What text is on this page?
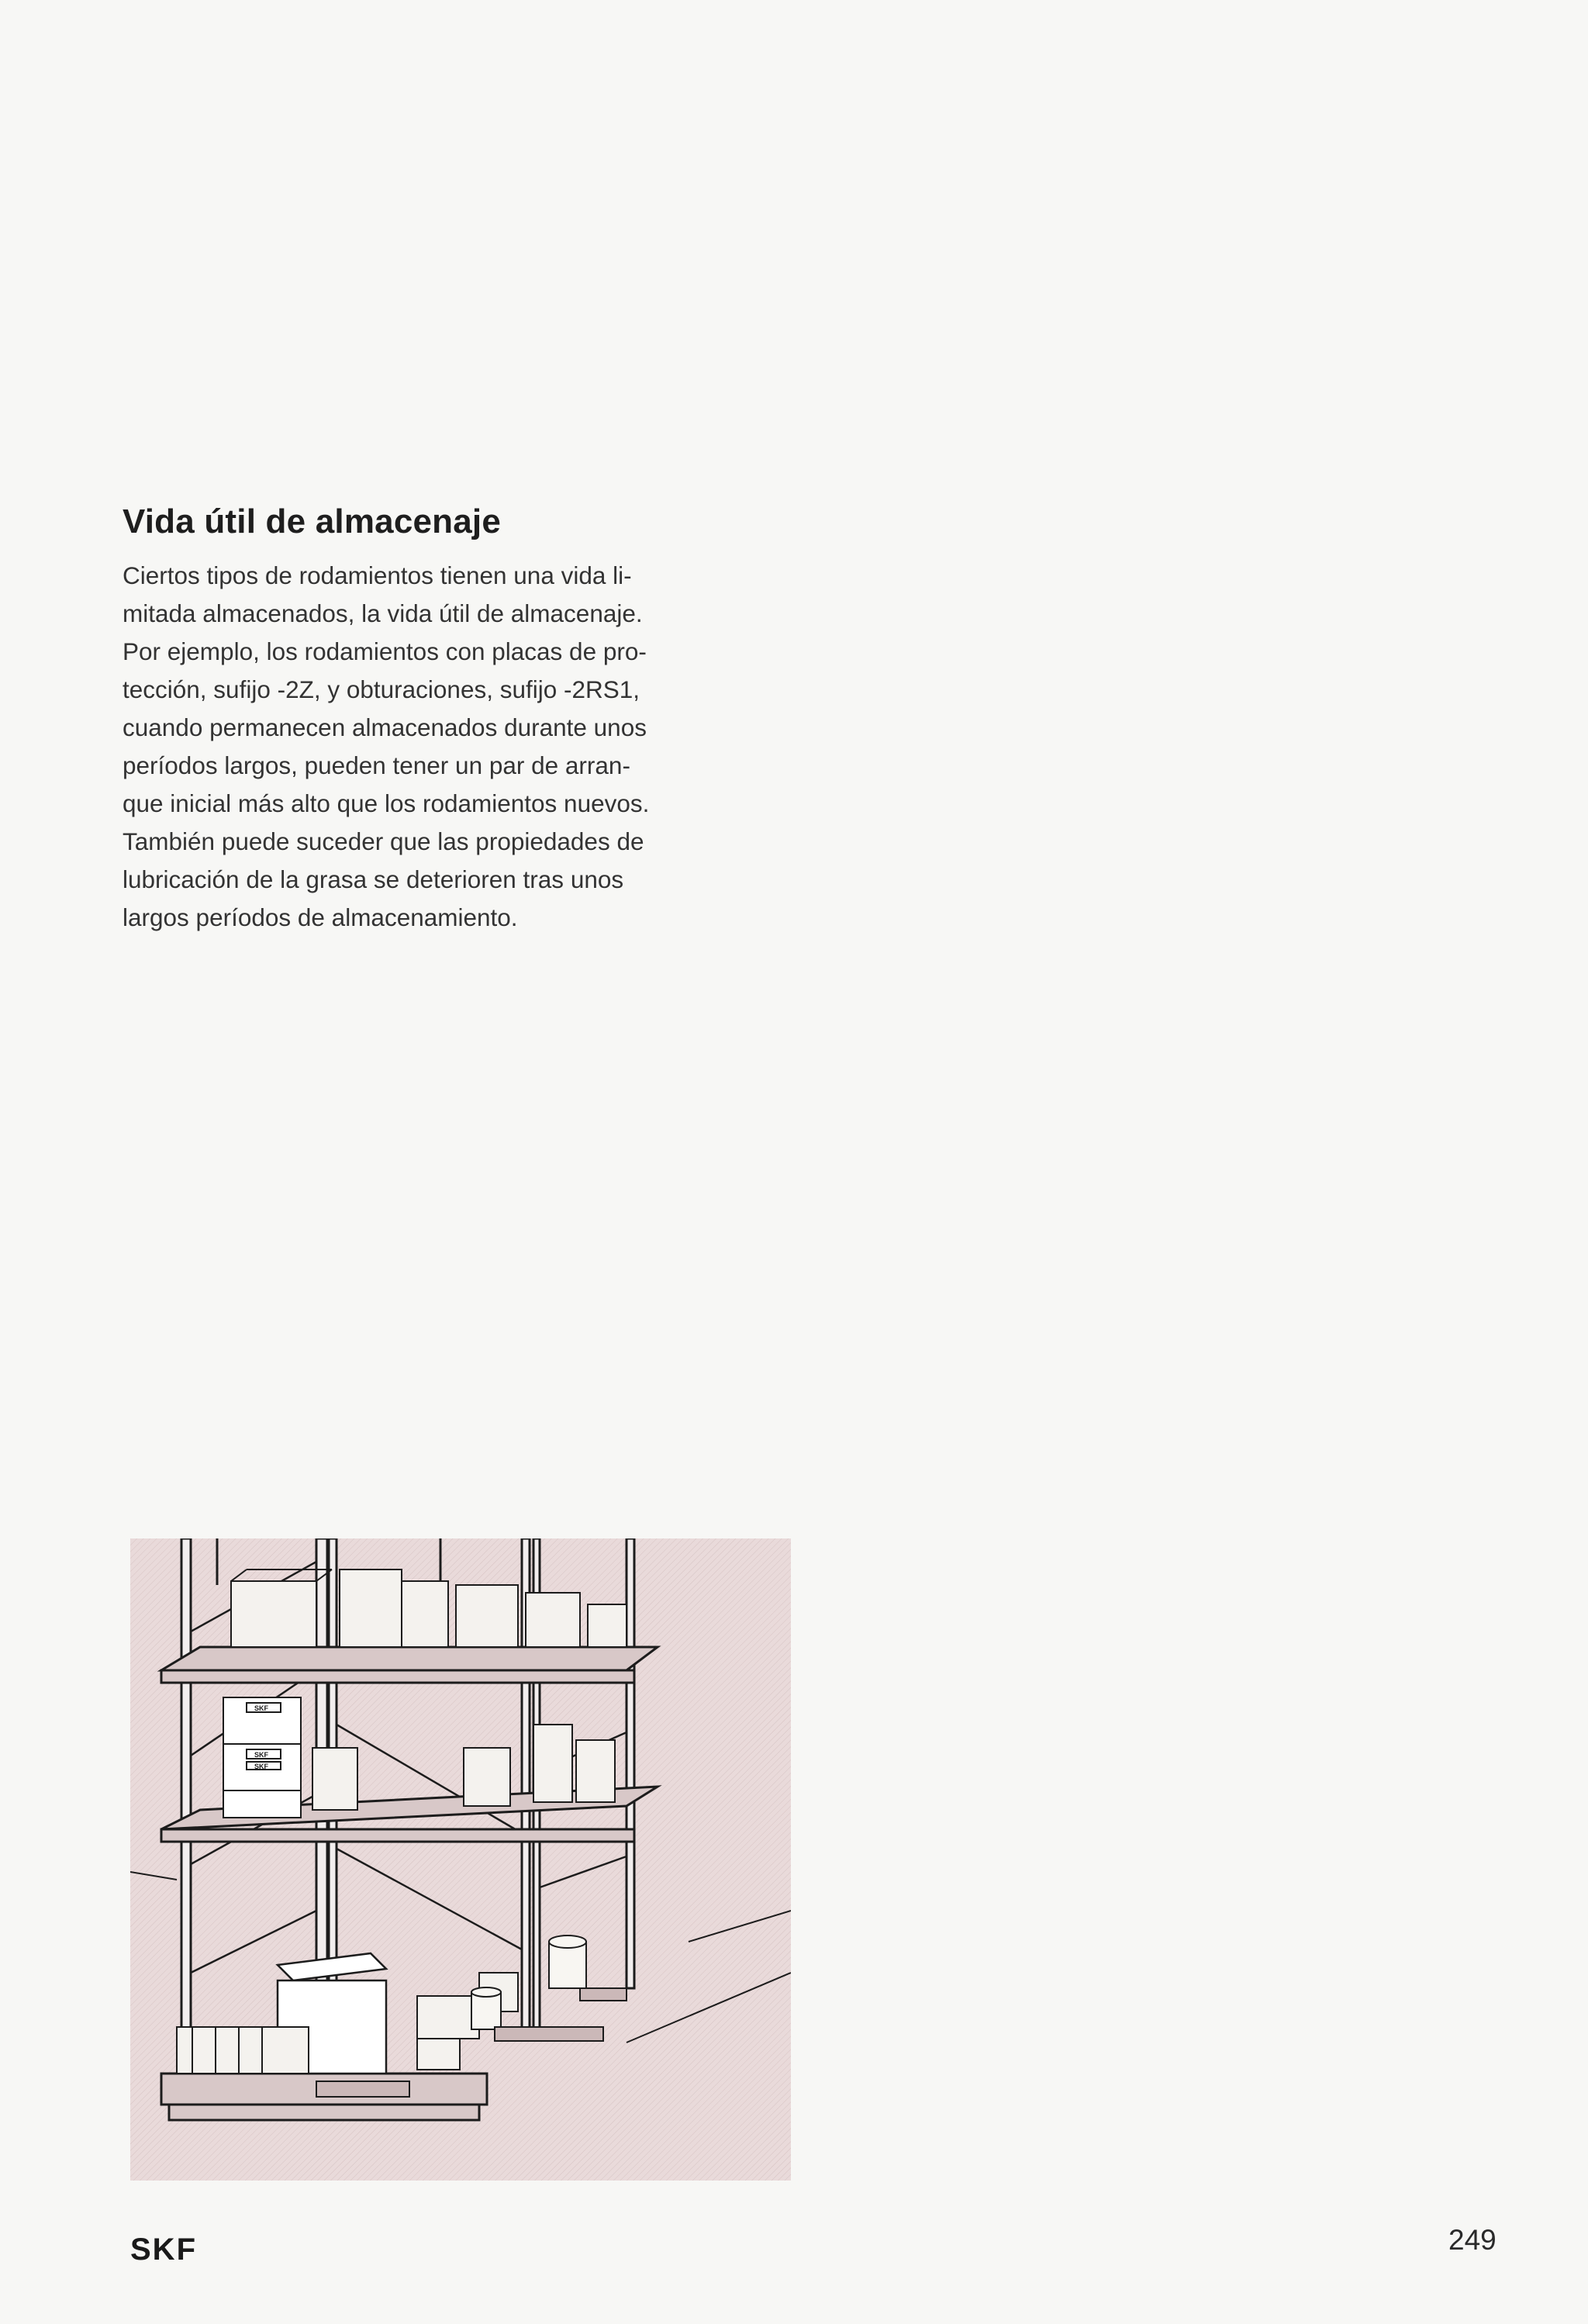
Vida útil de almacenaje
Ciertos tipos de rodamientos tienen una vida li-
mitada almacenados, la vida útil de almacenaje.
Por ejemplo, los rodamientos con placas de pro-
tección, sufijo -2Z, y obturaciones, sufijo -2RS1,
cuando permanecen almacenados durante unos
períodos largos, pueden tener un par de arran-
que inicial más alto que los rodamientos nuevos.
También puede suceder que las propiedades de
lubricación de la grasa se deterioren tras unos
largos períodos de almacenamiento.
SKF
SKF
SKF
SKF	249
